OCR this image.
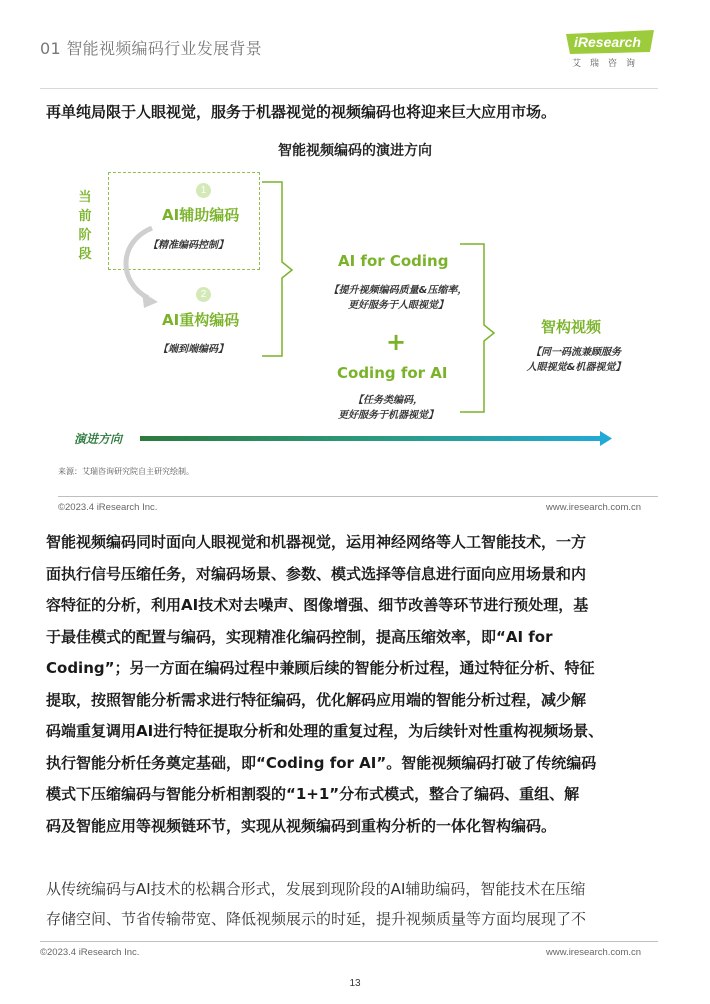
01 智能视频编码行业发展背景	iResearch
艾瑞咨询
再单纯局限于人眼视觉，服务于机器视觉的视频编码也将迎来巨大应用市场。
智能视频编码的演进方向
当前阶段
1
AI辅助编码
【精准编码控制】
2
AI重构编码
【端到端编码】
AI for Coding
【提升视频编码质量&压缩率，
更好服务于人眼视觉】
+
Coding for AI
【任务类编码，
更好服务于机器视觉】
智构视频
【同一码流兼顾服务
人眼视觉&机器视觉】
演进方向
来源：艾瑞咨询研究院自主研究绘制。
©2023.4 iResearch Inc.	www.iresearch.com.cn
智能视频编码同时面向人眼视觉和机器视觉，运用神经网络等人工智能技术，一方
面执行信号压缩任务，对编码场景、参数、模式选择等信息进行面向应用场景和内
容特征的分析，利用AI技术对去噪声、图像增强、细节改善等环节进行预处理，基
于最佳模式的配置与编码，实现精准化编码控制，提高压缩效率，即“AI for
Coding”；另一方面在编码过程中兼顾后续的智能分析过程，通过特征分析、特征
提取，按照智能分析需求进行特征编码，优化解码应用端的智能分析过程，减少解
码端重复调用AI进行特征提取分析和处理的重复过程，为后续针对性重构视频场景、
执行智能分析任务奠定基础，即“Coding for AI”。智能视频编码打破了传统编码
模式下压缩编码与智能分析相割裂的“1+1”分布式模式，整合了编码、重组、解
码及智能应用等视频链环节，实现从视频编码到重构分析的一体化智构编码。
从传统编码与AI技术的松耦合形式，发展到现阶段的AI辅助编码，智能技术在压缩
存储空间、节省传输带宽、降低视频展示的时延，提升视频质量等方面均展现了不
©2023.4 iResearch Inc.	www.iresearch.com.cn
13
